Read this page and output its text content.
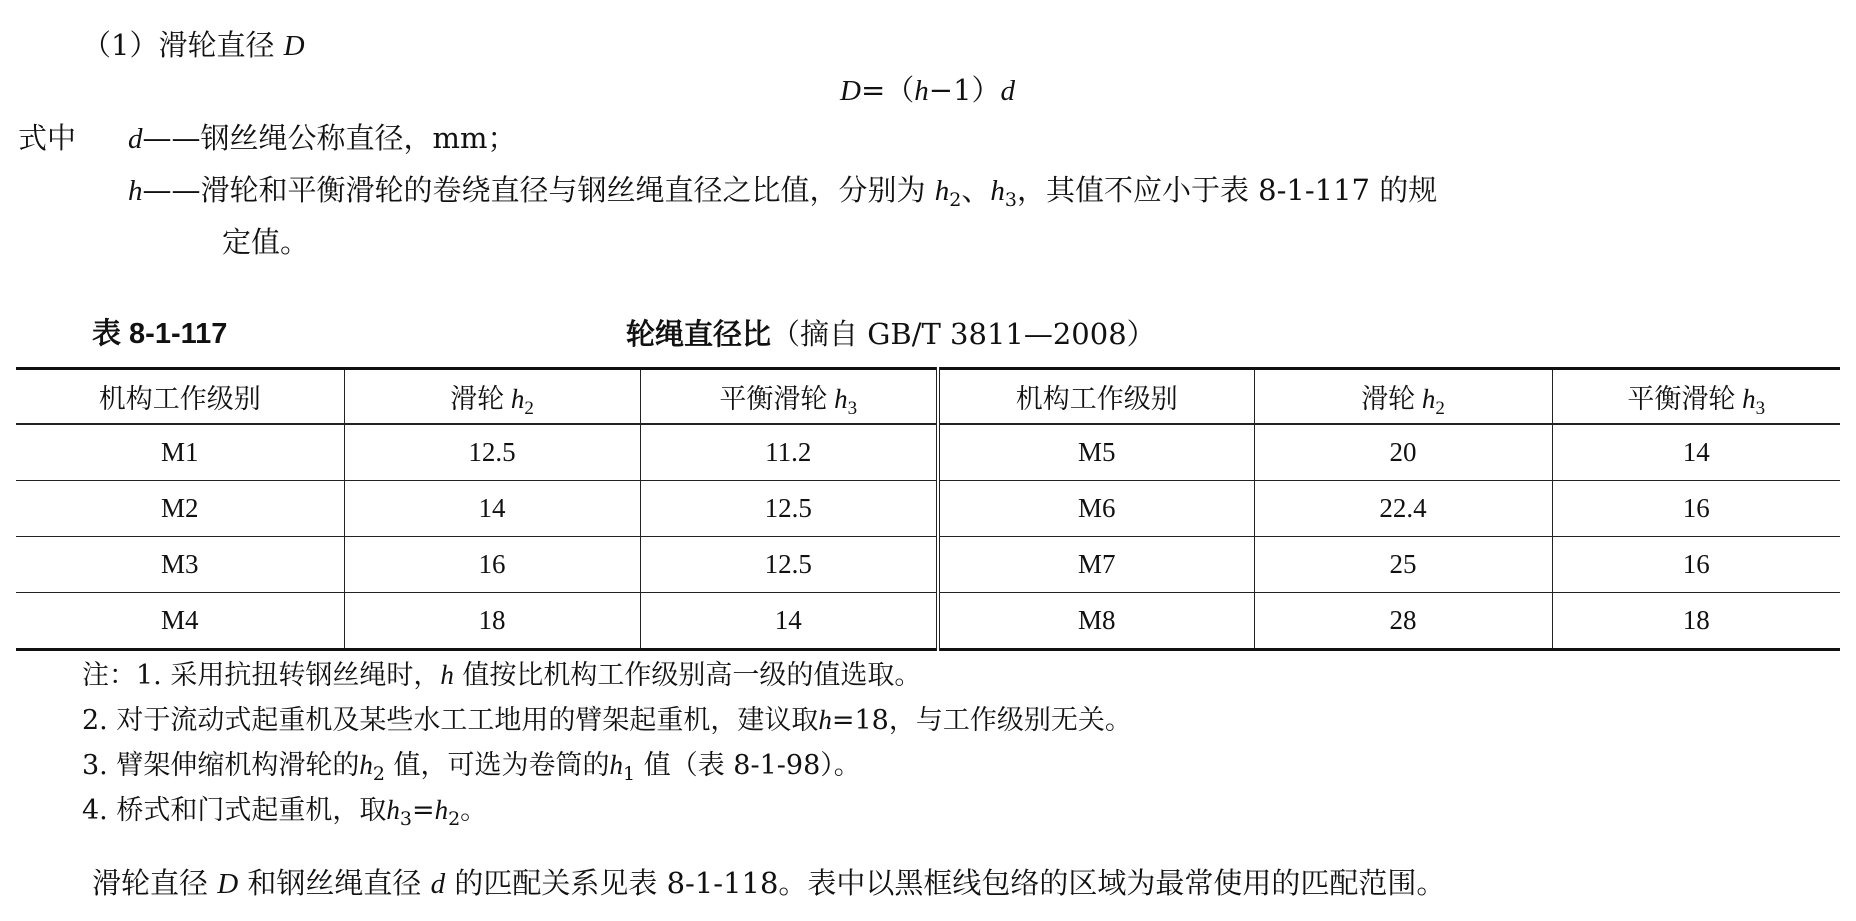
（1）滑轮直径 D
D=（h−1）d
式中 d——钢丝绳公称直径，mm；
h——滑轮和平衡滑轮的卷绕直径与钢丝绳直径之比值，分别为 $h_2$、$h_3$，其值不应小于表 8-1-117 的规
定值。
表 8-1-117	轮绳直径比（摘自 GB/T 3811—2008）
机构工作级别	滑轮 $h_2$	平衡滑轮 $h_3$	机构工作级别	滑轮 $h_2$	平衡滑轮 $h_3$
M1	12.5	11.2	M5	20	14
M2	14	12.5	M6	22.4	16
M3	16	12.5	M7	25	16
M4	18	14	M8	28	18
注：1. 采用抗扭转钢丝绳时，h 值按比机构工作级别高一级的值选取。
2. 对于流动式起重机及某些水工工地用的臂架起重机，建议取h=18，与工作级别无关。
3. 臂架伸缩机构滑轮的$h_2$ 值，可选为卷筒的$h_1$ 值（表 8-1-98）。
4. 桥式和门式起重机，取$h_3=h_2$。
滑轮直径 D 和钢丝绳直径 d 的匹配关系见表 8-1-118。表中以黑框线包络的区域为最常使用的匹配范围。
